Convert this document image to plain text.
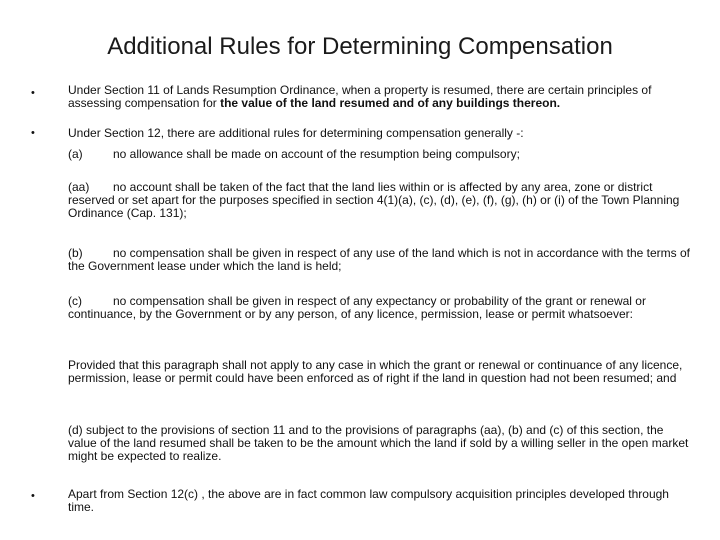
Additional Rules for Determining Compensation
•	Under Section 11 of Lands Resumption Ordinance, when a property is resumed, there are certain principles of assessing compensation for the value of the land resumed and of any buildings thereon.
•	Under Section 12, there are additional rules for determining compensation generally -:
(a)	no allowance shall be made on account of the resumption being compulsory;
(aa) no account shall be taken of the fact that the land lies within or is affected by any area, zone or district reserved or set apart for the purposes specified in section 4(1)(a), (c), (d), (e), (f), (g), (h) or (i) of the Town Planning Ordinance (Cap. 131);
(b)	no compensation shall be given in respect of any use of the land which is not in accordance with the terms of the Government lease under which the land is held;
(c)	no compensation shall be given in respect of any expectancy or probability of the grant or renewal or continuance, by the Government or by any person, of any licence, permission, lease or permit whatsoever:
Provided that this paragraph shall not apply to any case in which the grant or renewal or continuance of any licence, permission, lease or permit could have been enforced as of right if the land in question had not been resumed; and
(d) subject to the provisions of section 11 and to the provisions of paragraphs (aa), (b) and (c) of this section, the value of the land resumed shall be taken to be the amount which the land if sold by a willing seller in the open market might be expected to realize.
•	Apart from Section 12(c) , the above are in fact common law compulsory acquisition principles developed through time.
